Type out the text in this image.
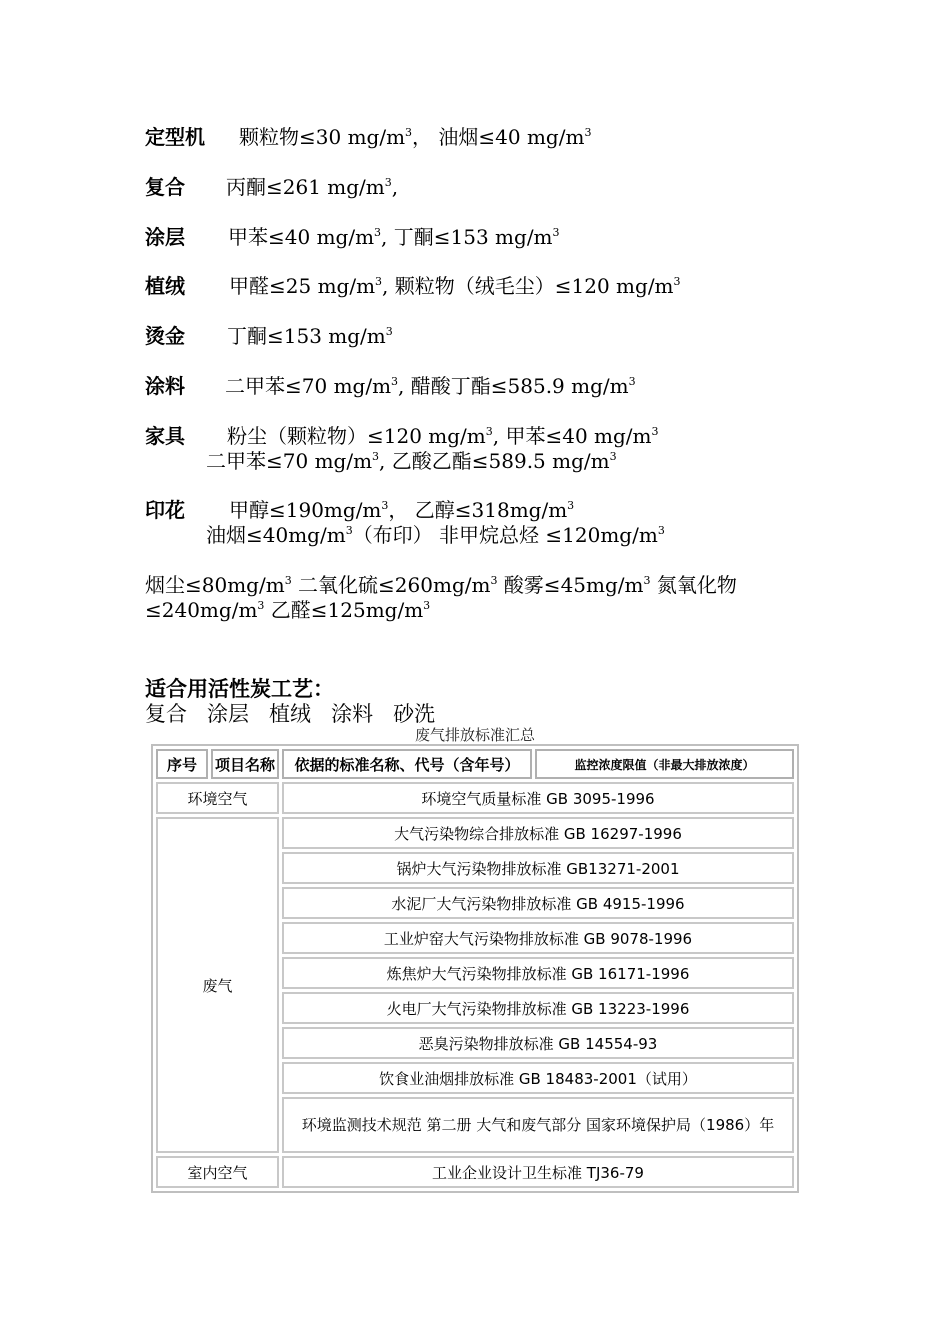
定型机 颗粒物≤30 $mg/m^3$， 油烟≤40 $mg/m^3$
复合 丙酮≤261 $mg/m^3$,
涂层 甲苯≤40 $mg/m^3$, 丁酮≤153 $mg/m^3$
植绒 甲醛≤25 $mg/m^3$, 颗粒物（绒毛尘）≤120 $mg/m^3$
烫金 丁酮≤153 $mg/m^3$
涂料 二甲苯≤70 $mg/m^3$, 醋酸丁酯≤585.9 $mg/m^3$
家具 粉尘（颗粒物）≤120 $mg/m^3$, 甲苯≤40 $mg/m^3$
二甲苯≤70 $mg/m^3$, 乙酸乙酯≤589.5 $mg/m^3$
印花 甲醇$\le 190mg/m^3$， 乙醇$\le 318mg/m^3$
油烟$\le 40mg/m^3$（布印） 非甲烷总烃 $\le 120mg/m^3$
烟尘$\le 80mg/m^3$ 二氧化硫$\le 260mg/m^3$ 酸雾$\le 45mg/m^3$ 氮氧化物
$\le 240mg/m^3$ 乙醛$\le 125mg/m^3$
适合用活性炭工艺：
复合   涂层   植绒   涂料   砂洗
废气排放标准汇总
序号	项目名称	依据的标准名称、代号（含年号）	监控浓度限值（非最大排放浓度）
环境空气		环境空气质量标准 GB 3095-1996	
废气		大气污染物综合排放标准 GB 16297-1996	
		锅炉大气污染物排放标准 GB13271-2001	
		水泥厂大气污染物排放标准 GB 4915-1996	
		工业炉窑大气污染物排放标准 GB 9078-1996	
		炼焦炉大气污染物排放标准 GB 16171-1996	
		火电厂大气污染物排放标准 GB 13223-1996	
		恶臭污染物排放标准 GB 14554-93	
		饮食业油烟排放标准 GB 18483-2001（试用）	
		环境监测技术规范 第二册 大气和废气部分 国家环境保护局（1986）年	
室内空气		工业企业设计卫生标准 TJ36-79	
